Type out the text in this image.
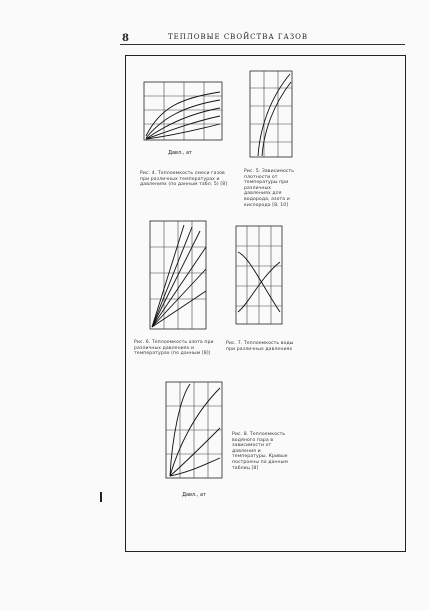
8	ТЕПЛОВЫЕ СВОЙСТВА ГАЗОВ
Давл., ат
Рис. 4. Теплоемкость смеси газов при различных температурах и давлениях (по данным табл. 5) [8]
Рис. 5. Зависимость плотности от температуры при различных давлениях для водорода, азота и кислорода [8, 10]
Рис. 6. Теплоемкость азота при различных давлениях и температурах (по данным [8])
Рис. 7. Теплоемкость воды при различных давлениях
Давл., ат
Рис. 8. Теплоемкость водяного пара в зависимости от давления и температуры. Кривые построены по данным таблиц [8]
